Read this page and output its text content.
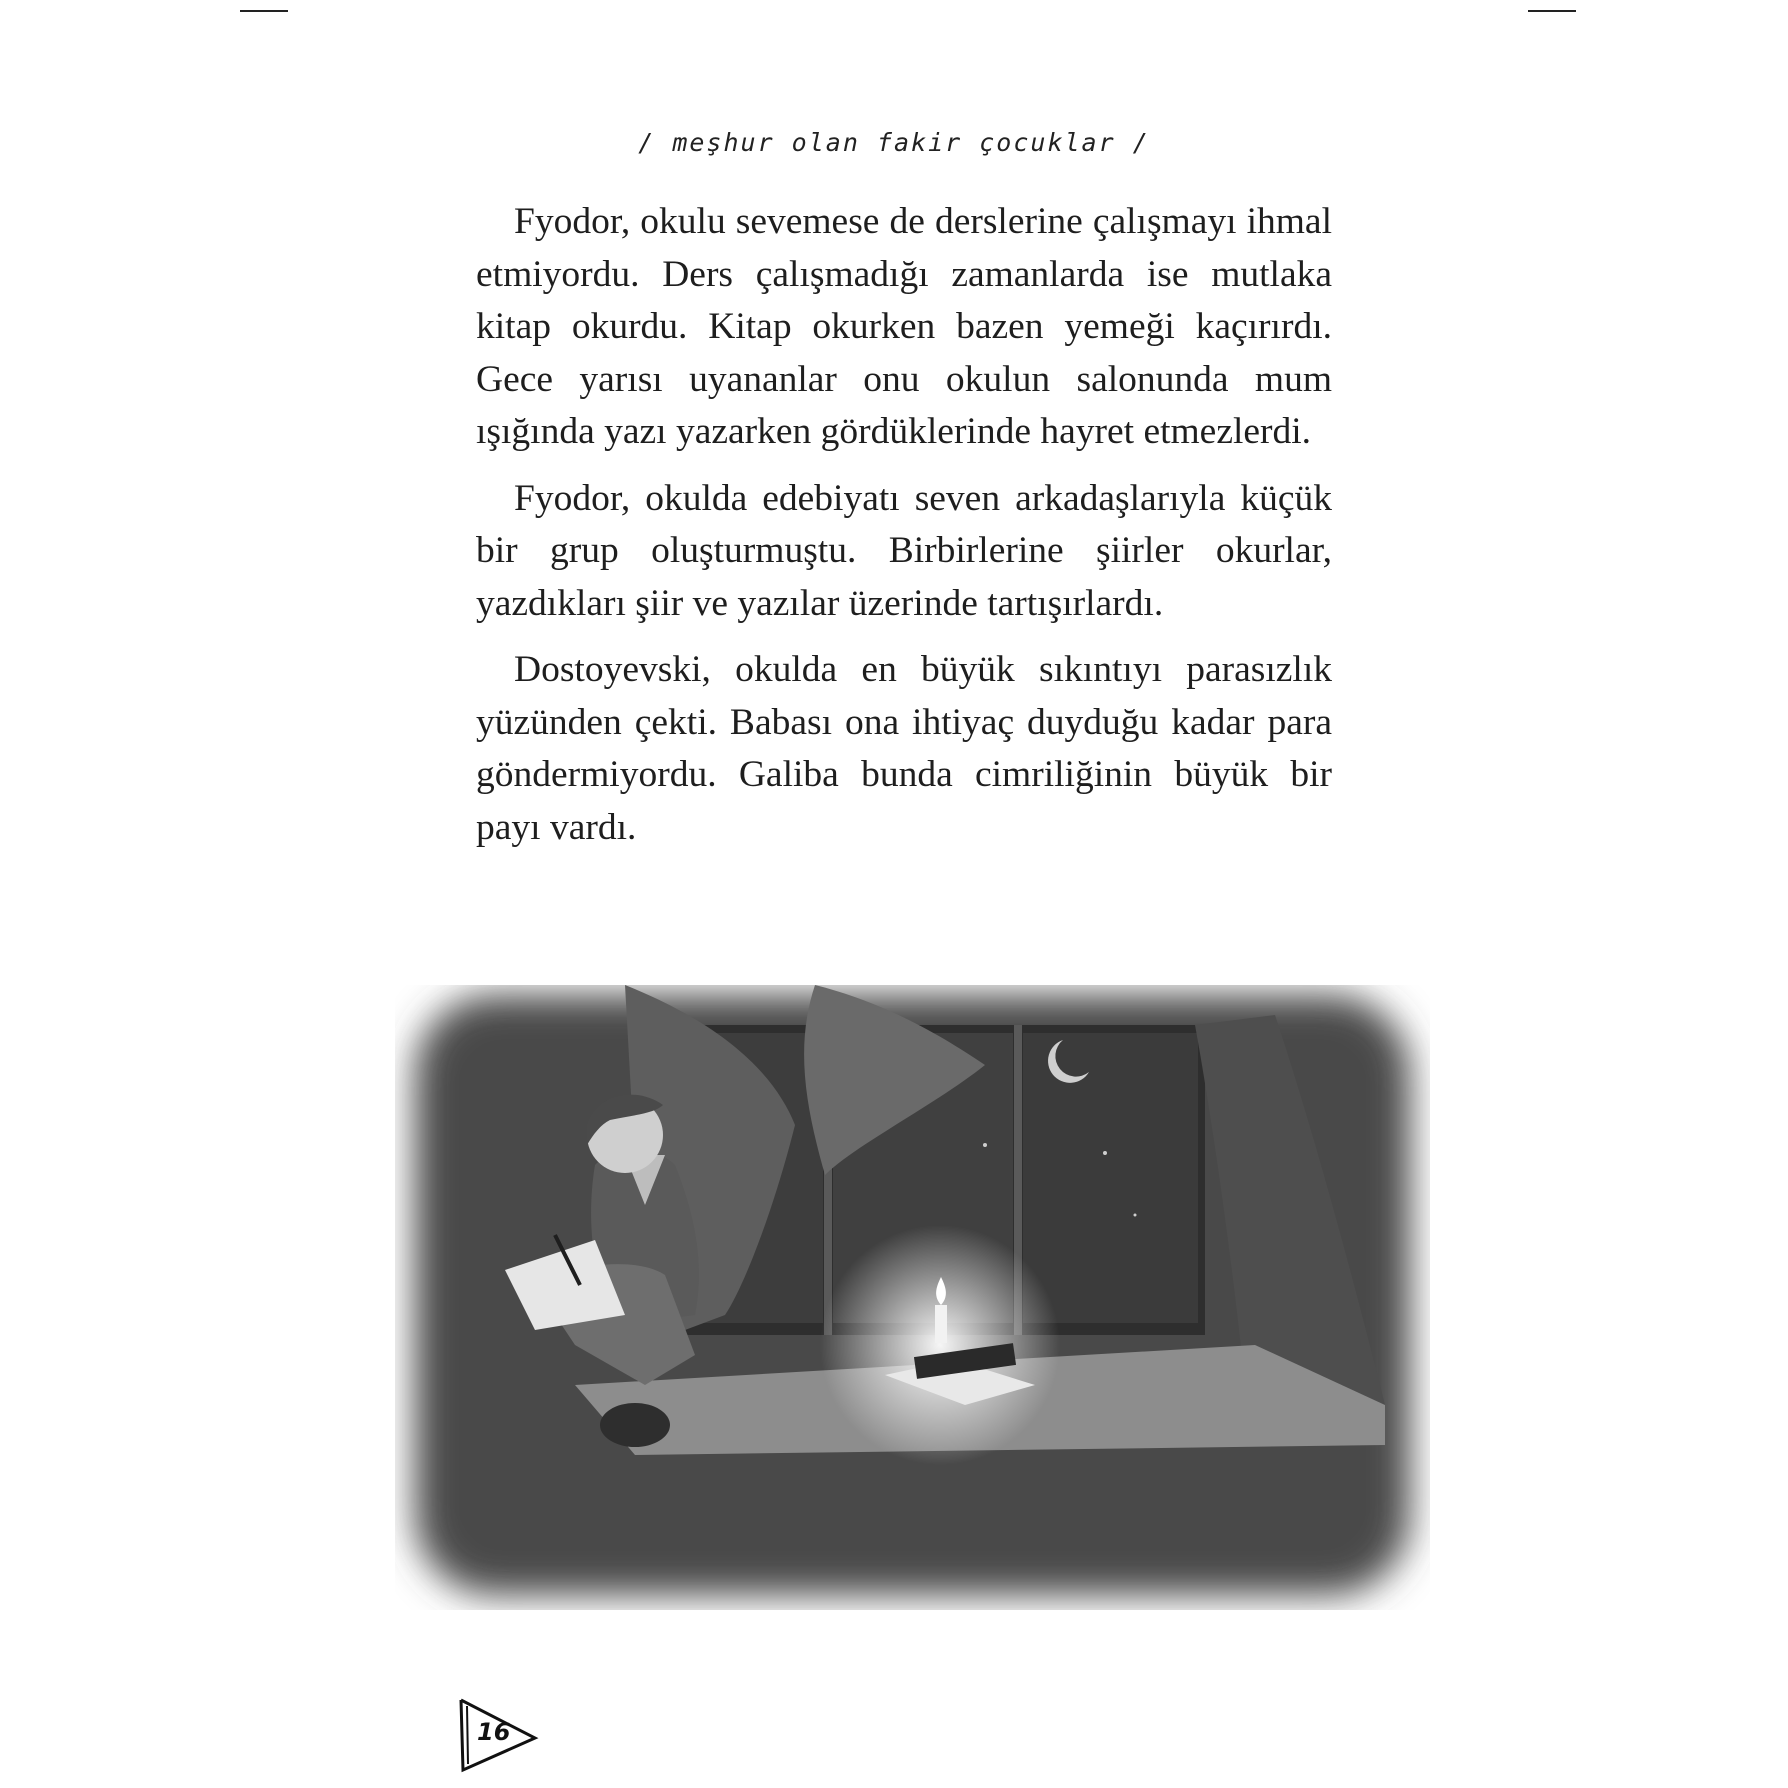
/ meşhur olan fakir çocuklar /

Fyodor, okulu sevemese de derslerine çalışmayı ihmal etmiyordu. Ders çalışmadığı zamanlarda ise mutlaka kitap okurdu. Kitap okurken bazen yemeği kaçırırdı. Gece yarısı uyananlar onu okulun salonunda mum ışığında yazı yazarken gördüklerinde hayret etmezlerdi.

Fyodor, okulda edebiyatı seven arkadaşlarıyla küçük bir grup oluşturmuştu. Birbirlerine şiirler okurlar, yazdıkları şiir ve yazılar üzerinde tartışırlardı.

Dostoyevski, okulda en büyük sıkıntıyı parasızlık yüzünden çekti. Babası ona ihtiyaç duyduğu kadar para göndermiyordu. Galiba bunda cimriliğinin büyük bir payı vardı.

16
